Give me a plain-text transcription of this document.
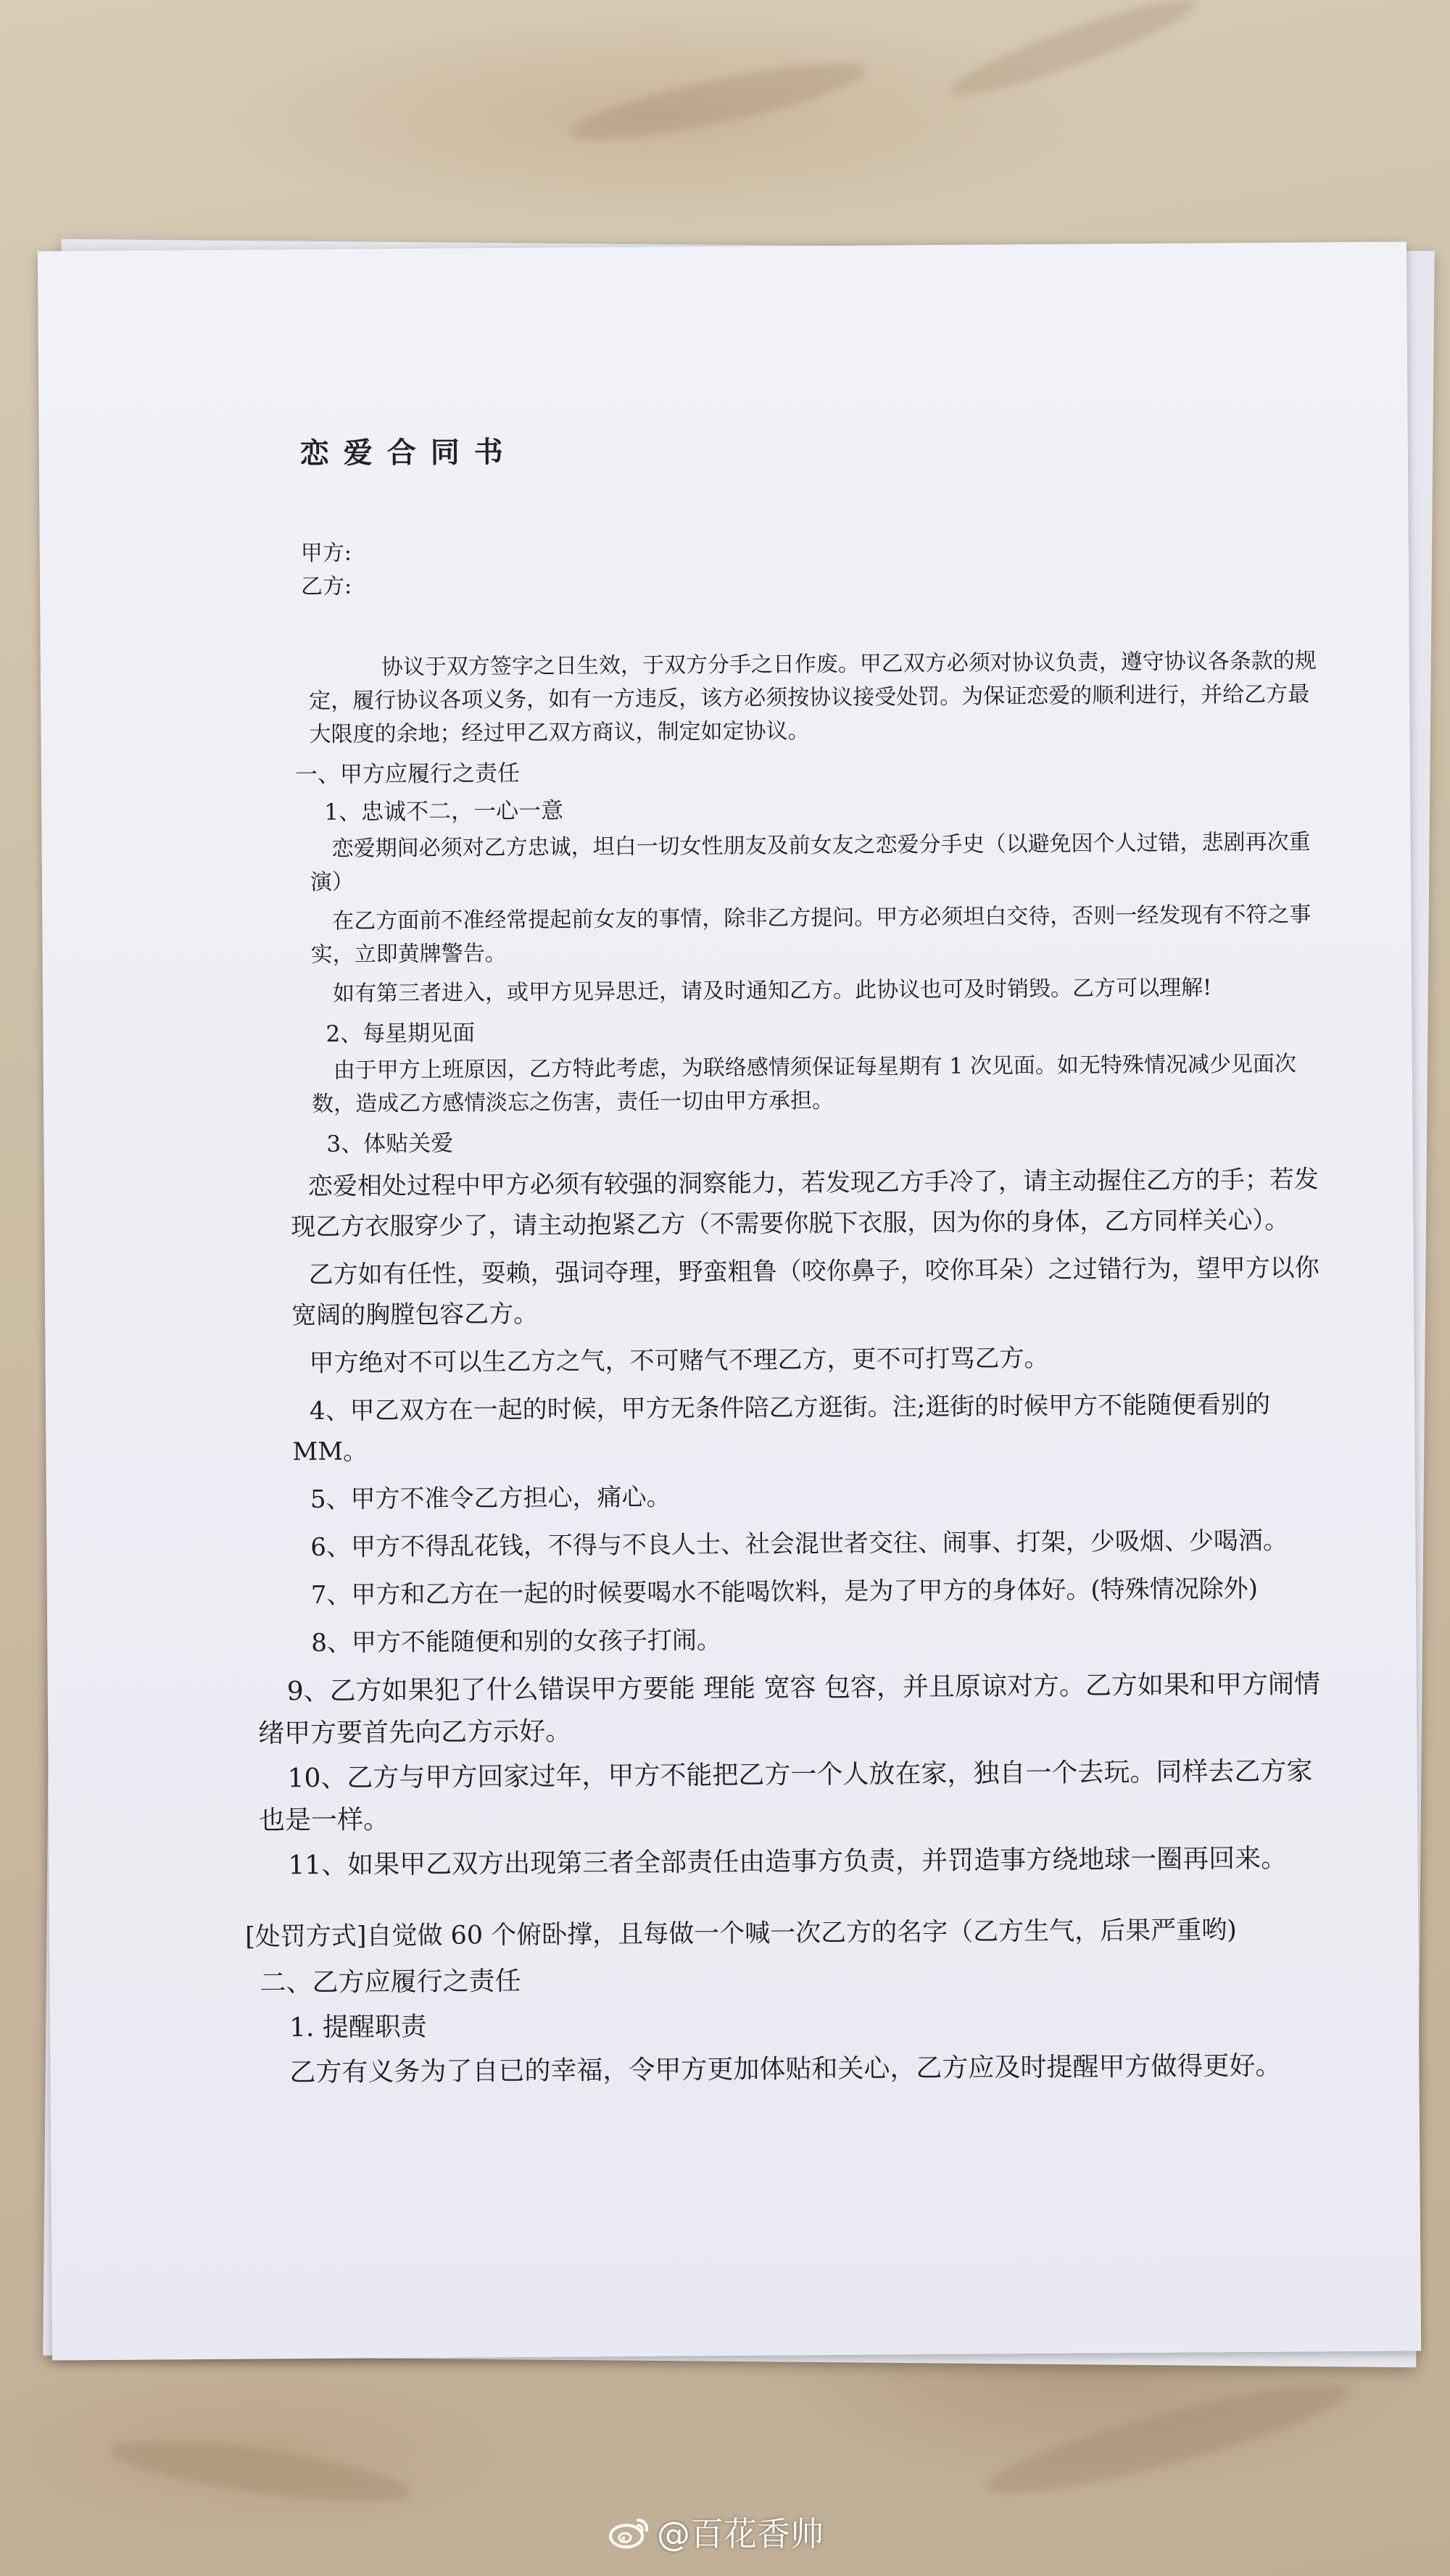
恋爱合同书
甲方:
乙方:

协议于双方签字之日生效，于双方分手之日作废。甲乙双方必须对协议负责，遵守协议各条款的规定，履行协议各项义务，如有一方违反，该方必须按协议接受处罚。为保证恋爱的顺利进行，并给乙方最大限度的余地；经过甲乙双方商议，制定如定协议。

一、甲方应履行之责任
1、忠诚不二，一心一意

恋爱期间必须对乙方忠诚，坦白一切女性朋友及前女友之恋爱分手史（以避免因个人过错，悲剧再次重演）

在乙方面前不准经常提起前女友的事情，除非乙方提问。甲方必须坦白交待，否则一经发现有不符之事实，立即黄牌警告。

如有第三者进入，或甲方见异思迁，请及时通知乙方。此协议也可及时销毁。乙方可以理解!

2、每星期见面

由于甲方上班原因，乙方特此考虑，为联络感情须保证每星期有 1 次见面。如无特殊情况减少见面次数，造成乙方感情淡忘之伤害，责任一切由甲方承担。

3、体贴关爱

恋爱相处过程中甲方必须有较强的洞察能力，若发现乙方手冷了，请主动握住乙方的手；若发现乙方衣服穿少了，请主动抱紧乙方（不需要你脱下衣服，因为你的身体，乙方同样关心）。

乙方如有任性，耍赖，强词夺理，野蛮粗鲁（咬你鼻子，咬你耳朵）之过错行为，望甲方以你宽阔的胸膛包容乙方。

甲方绝对不可以生乙方之气，不可赌气不理乙方，更不可打骂乙方。

4、甲乙双方在一起的时候，甲方无条件陪乙方逛街。注;逛街的时候甲方不能随便看别的 MM。

5、甲方不准令乙方担心，痛心。

6、甲方不得乱花钱，不得与不良人士、社会混世者交往、闹事、打架，少吸烟、少喝酒。

7、甲方和乙方在一起的时候要喝水不能喝饮料，是为了甲方的身体好。(特殊情况除外)

8、甲方不能随便和别的女孩子打闹。

9、乙方如果犯了什么错误甲方要能 理能 宽容 包容，并且原谅对方。乙方如果和甲方闹情绪甲方要首先向乙方示好。

10、乙方与甲方回家过年，甲方不能把乙方一个人放在家，独自一个去玩。同样去乙方家也是一样。

11、如果甲乙双方出现第三者全部责任由造事方负责，并罚造事方绕地球一圈再回来。

[处罚方式]自觉做 60 个俯卧撑，且每做一个喊一次乙方的名字（乙方生气，后果严重哟)

二、乙方应履行之责任
1. 提醒职责

乙方有义务为了自已的幸福，令甲方更加体贴和关心，乙方应及时提醒甲方做得更好。

@百花香帅
